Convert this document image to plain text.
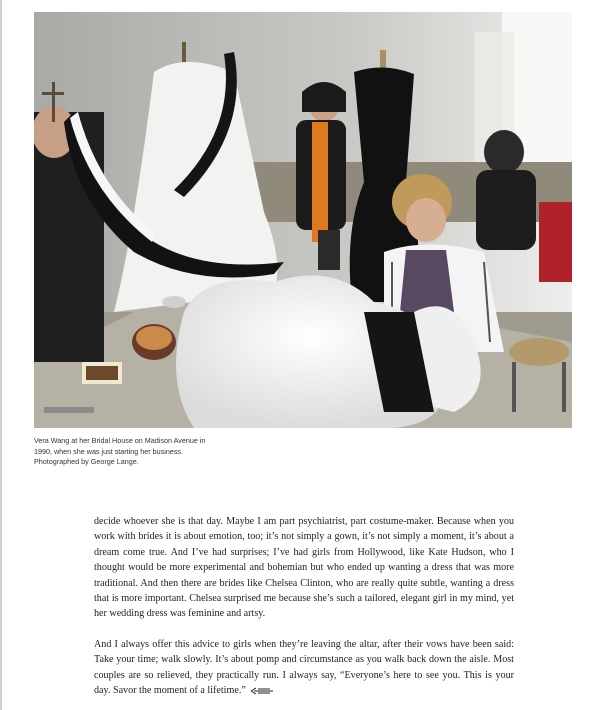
Vera Wang at her Bridal House on Madison Avenue in 1990, when she was just starting her business. Photographed by George Lange.

decide whoever she is that day. Maybe I am part psychiatrist, part costume-maker. Because when you work with brides it is about emotion, too; it’s not simply a gown, it’s not simply a moment, it’s about a dream come true. And I’ve had surprises; I’ve had girls from Hollywood, like Kate Hudson, who I thought would be more experimental and bohemian but who ended up wanting a dress that was more traditional. And then there are brides like Chelsea Clinton, who are really quite subtle, wanting a dress that is more important. Chelsea surprised me because she’s such a tailored, elegant girl in my mind, yet her wedding dress was feminine and artsy.

And I always offer this advice to girls when they’re leaving the altar, after their vows have been said: Take your time; walk slowly. It’s about pomp and circumstance as you walk back down the aisle. Most couples are so relieved, they practically run. I always say, “Everyone’s here to see you. This is your day. Savor the moment of a lifetime.”
